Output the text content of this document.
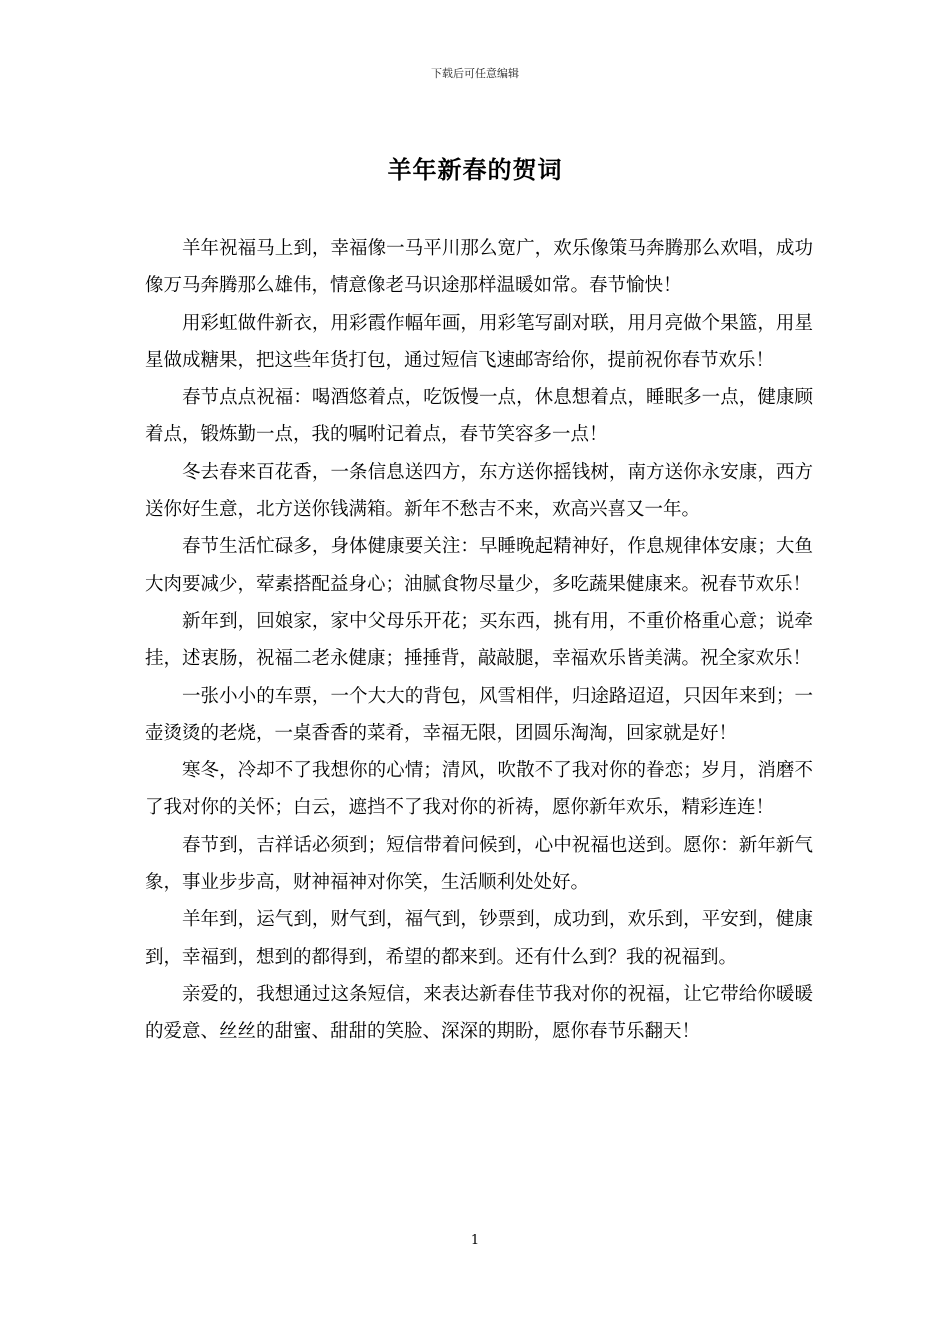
下载后可任意编辑
羊年新春的贺词

羊年祝福马上到，幸福像一马平川那么宽广，欢乐像策马奔腾那么欢唱，成功像万马奔腾那么雄伟，情意像老马识途那样温暖如常。春节愉快！

用彩虹做件新衣，用彩霞作幅年画，用彩笔写副对联，用月亮做个果篮，用星星做成糖果，把这些年货打包，通过短信飞速邮寄给你，提前祝你春节欢乐！

春节点点祝福：喝酒悠着点，吃饭慢一点，休息想着点，睡眠多一点，健康顾着点，锻炼勤一点，我的嘱咐记着点，春节笑容多一点！

冬去春来百花香，一条信息送四方，东方送你摇钱树，南方送你永安康，西方送你好生意，北方送你钱满箱。新年不愁吉不来，欢高兴喜又一年。

春节生活忙碌多，身体健康要关注：早睡晚起精神好，作息规律体安康；大鱼大肉要减少，荤素搭配益身心；油腻食物尽量少，多吃蔬果健康来。祝春节欢乐！

新年到，回娘家，家中父母乐开花；买东西，挑有用，不重价格重心意；说牵挂，述衷肠，祝福二老永健康；捶捶背，敲敲腿，幸福欢乐皆美满。祝全家欢乐！

一张小小的车票，一个大大的背包，风雪相伴，归途路迢迢，只因年来到；一壶烫烫的老烧，一桌香香的菜肴，幸福无限，团圆乐淘淘，回家就是好！

寒冬，冷却不了我想你的心情；清风，吹散不了我对你的眷恋；岁月，消磨不了我对你的关怀；白云，遮挡不了我对你的祈祷，愿你新年欢乐，精彩连连！

春节到，吉祥话必须到；短信带着问候到，心中祝福也送到。愿你：新年新气象，事业步步高，财神福神对你笑，生活顺利处处好。

羊年到，运气到，财气到，福气到，钞票到，成功到，欢乐到，平安到，健康到，幸福到，想到的都得到，希望的都来到。还有什么到？我的祝福到。

亲爱的，我想通过这条短信，来表达新春佳节我对你的祝福，让它带给你暖暖的爱意、丝丝的甜蜜、甜甜的笑脸、深深的期盼，愿你春节乐翻天！

1
